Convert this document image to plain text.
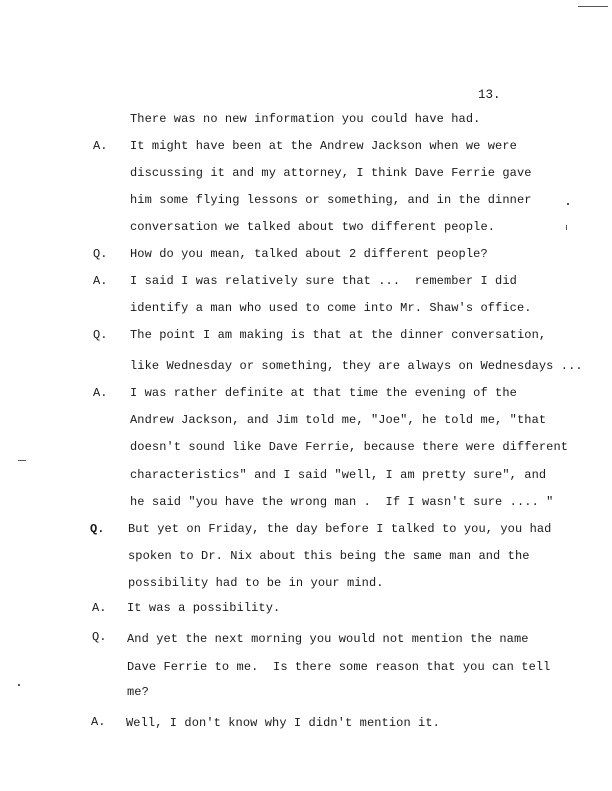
13.
There was no new information you could have had.
A. It might have been at the Andrew Jackson when we were
discussing it and my attorney, I think Dave Ferrie gave
him some flying lessons or something, and in the dinner
conversation we talked about two different people.
Q. How do you mean, talked about 2 different people?
A. I said I was relatively sure that ...  remember I did
identify a man who used to come into Mr. Shaw's office.
Q. The point I am making is that at the dinner conversation,
like Wednesday or something, they are always on Wednesdays ...
A. I was rather definite at that time the evening of the
Andrew Jackson, and Jim told me, "Joe", he told me, "that
doesn't sound like Dave Ferrie, because there were different
characteristics" and I said "well, I am pretty sure", and
he said "you have the wrong man .  If I wasn't sure .... "
Q. But yet on Friday, the day before I talked to you, you had
spoken to Dr. Nix about this being the same man and the
possibility had to be in your mind.
A. It was a possibility.
Q. And yet the next morning you would not mention the name
Dave Ferrie to me.  Is there some reason that you can tell
me?
A. Well, I don't know why I didn't mention it.
